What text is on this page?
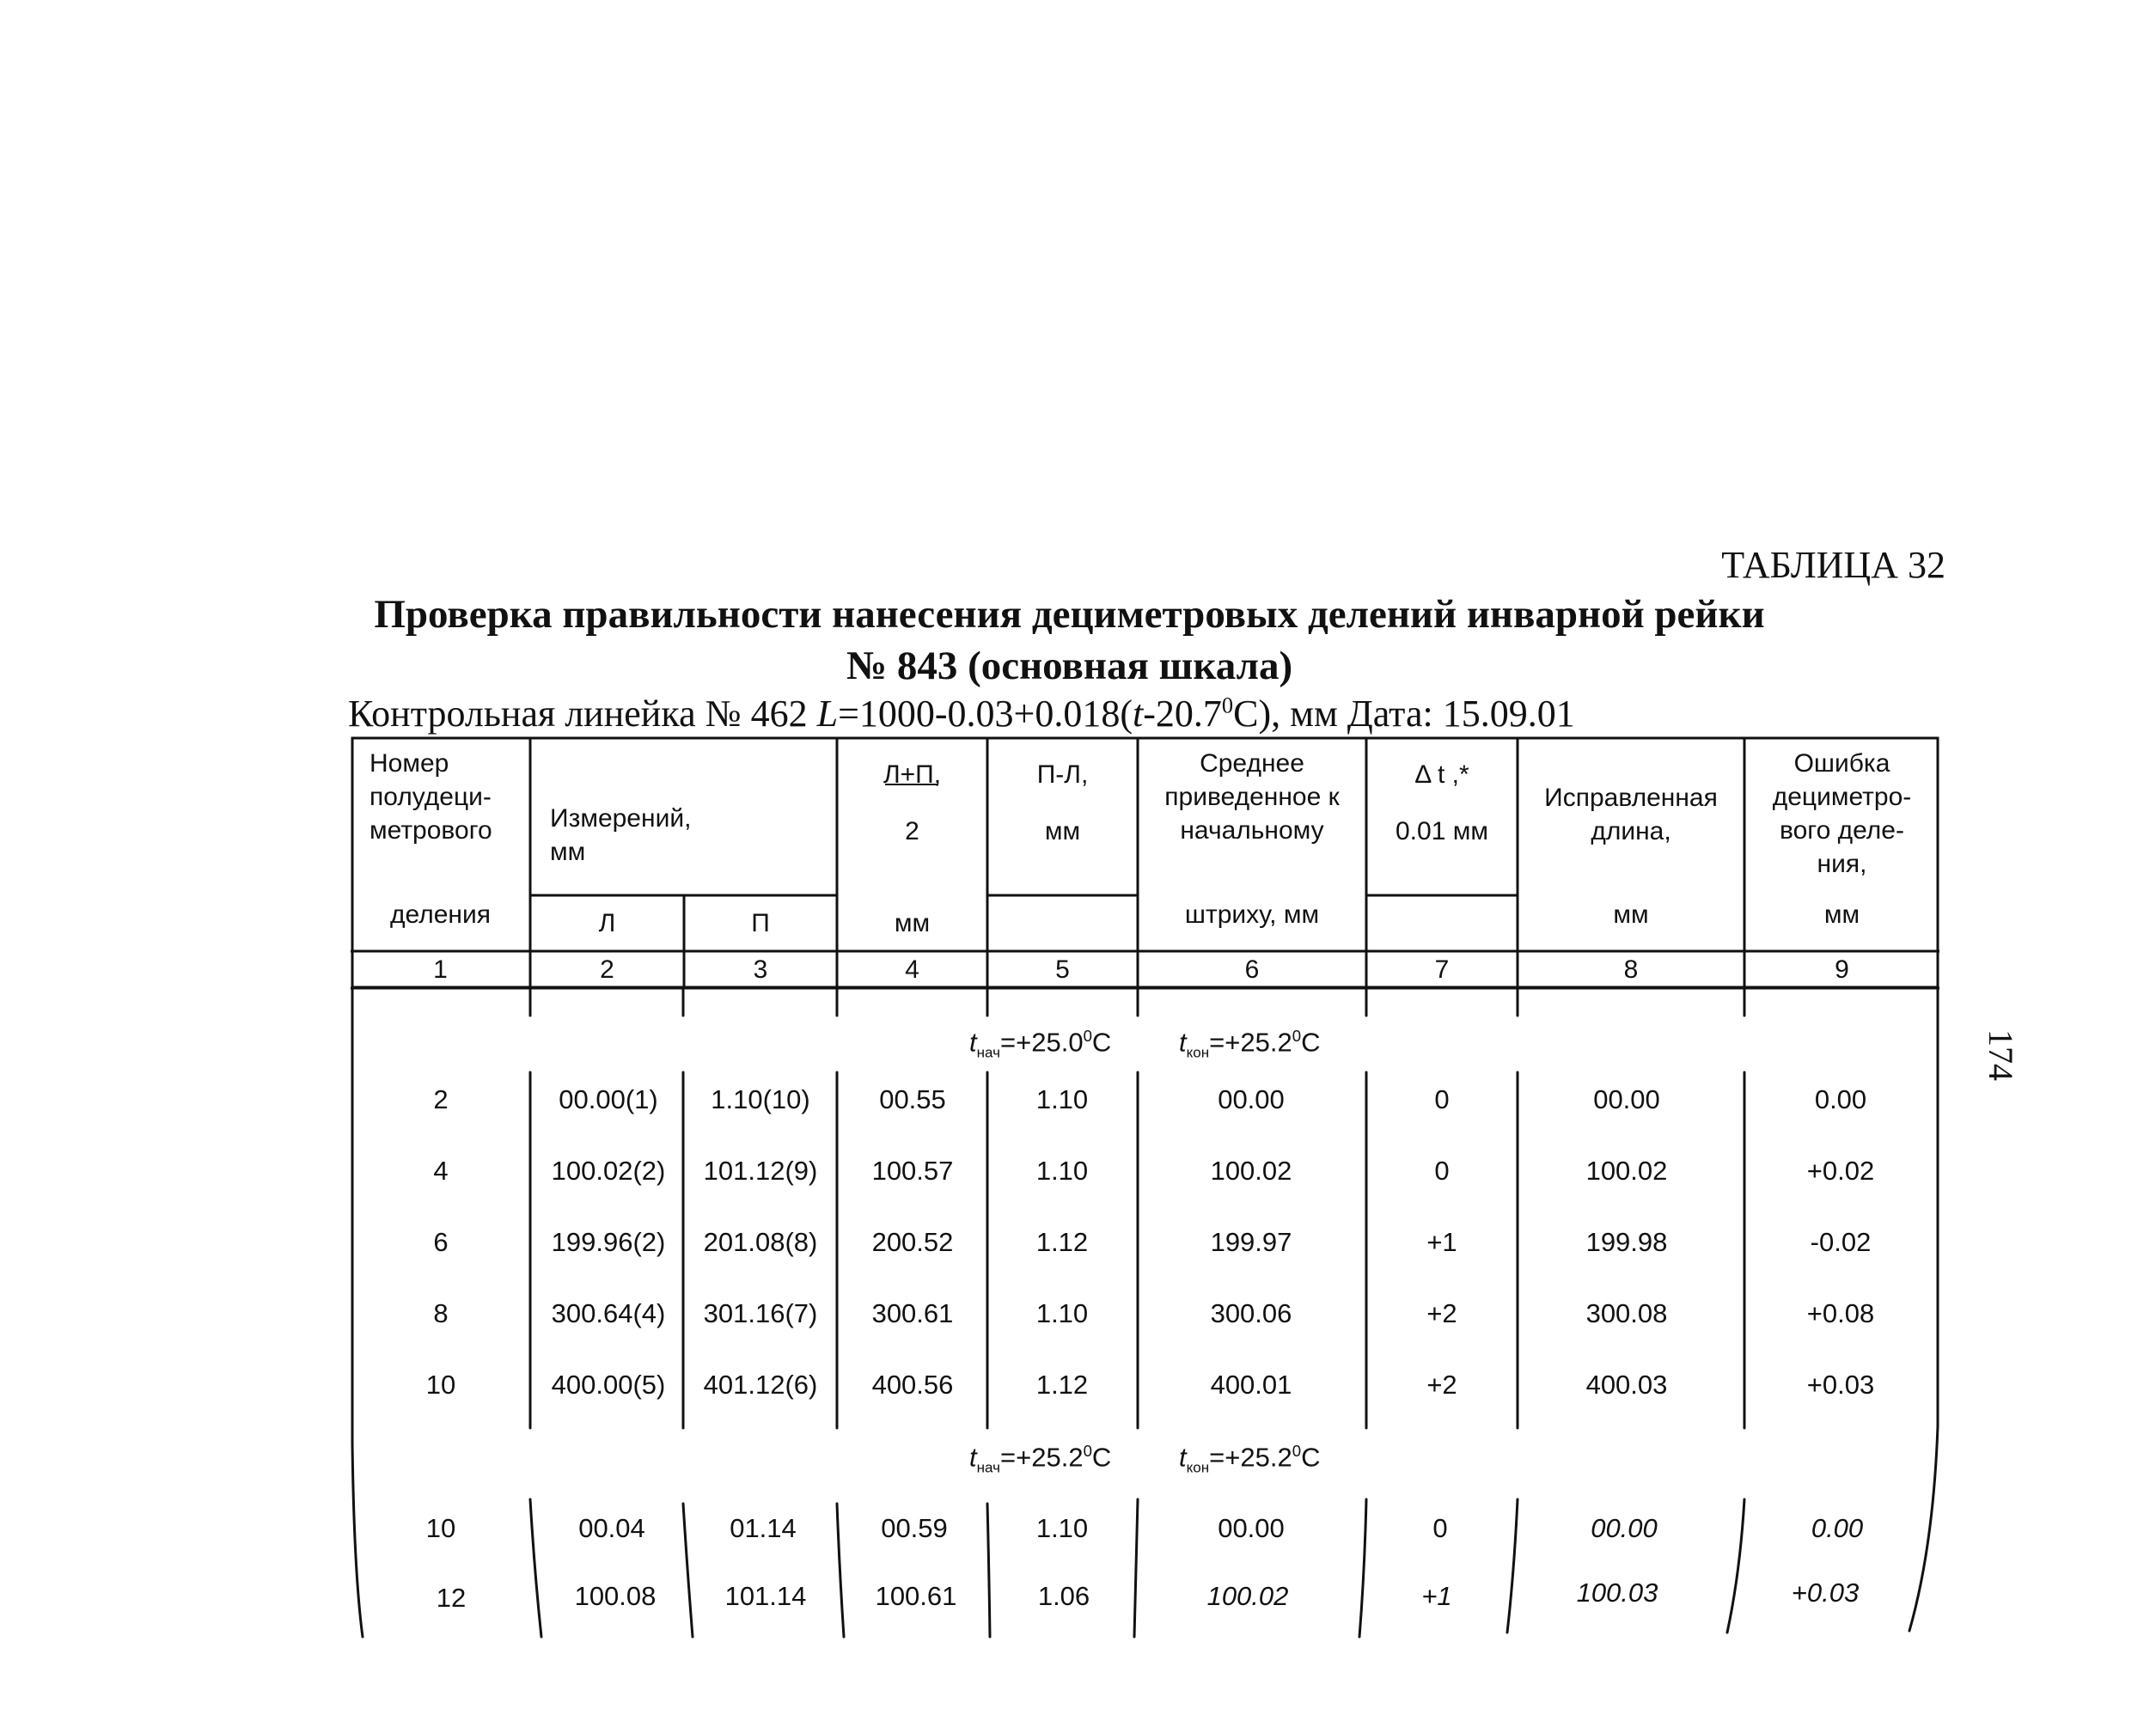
ТАБЛИЦА 32
Проверка правильности нанесения дециметровых делений инварной рейки
№ 843 (основная шкала)
Контрольная линейка № 462 $L=1000-0.03+0.018(t-20.7^0C)$, мм Дата: 15.09.01
Номер
полудеци-
метрового
деления
Измерений, мм
Л	П
Л+П,
2
мм
П-Л,
мм
Среднее
приведенное к
начальному
штриху, мм
Δ t ,*
0.01 мм
Исправленная
длина,
мм
Ошибка
дециметро-
вого деле-
ния,
мм
1	2	3	4	5	6	7	8	9
$t_{нач}=+25.0^0C$	$t_{кон}=+25.2^0C$
$t_{нач}=+25.2^0C$	$t_{кон}=+25.2^0C$
2	00.00(1)	1.10(10)	00.55	1.10	00.00	0	00.00	0.00
4	100.02(2)	101.12(9)	100.57	1.10	100.02	0	100.02	+0.02
6	199.96(2)	201.08(8)	200.52	1.12	199.97	+1	199.98	-0.02
8	300.64(4)	301.16(7)	300.61	1.10	300.06	+2	300.08	+0.08
10	400.00(5)	401.12(6)	400.56	1.12	400.01	+2	400.03	+0.03
10	00.04	01.14	00.59	1.10	00.00	0	00.00	0.00
12	100.08	101.14	100.61	1.06	100.02	+1	100.03	+0.03
174
